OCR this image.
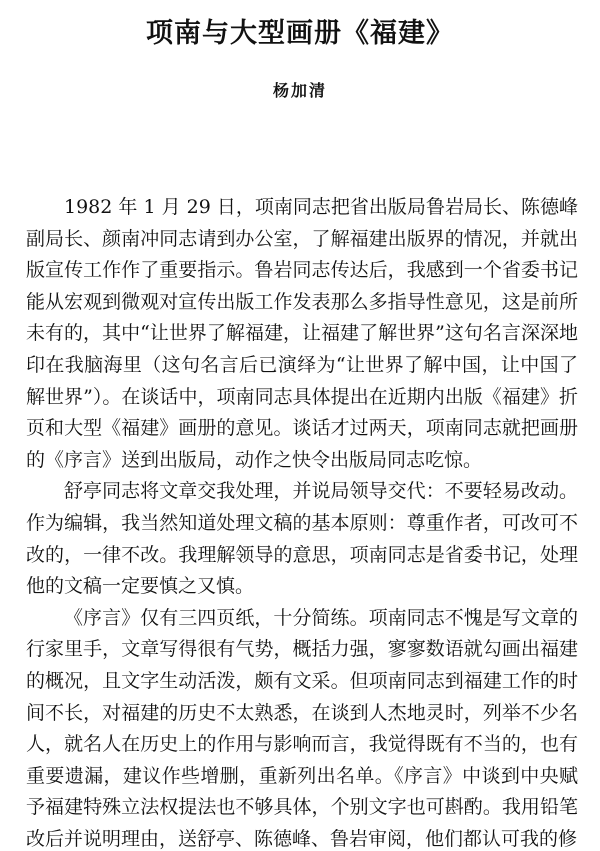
项南与大型画册《福建》
杨加清

1982 年 1 月 29 日，项南同志把省出版局鲁岩局长、陈德峰副局长、颜南冲同志请到办公室，了解福建出版界的情况，并就出版宣传工作作了重要指示。鲁岩同志传达后，我感到一个省委书记能从宏观到微观对宣传出版工作发表那么多指导性意见，这是前所未有的，其中“让世界了解福建，让福建了解世界”这句名言深深地印在我脑海里（这句名言后已演绎为“让世界了解中国，让中国了解世界”）。在谈话中，项南同志具体提出在近期内出版《福建》折页和大型《福建》画册的意见。谈话才过两天，项南同志就把画册的《序言》送到出版局，动作之快令出版局同志吃惊。

舒亭同志将文章交我处理，并说局领导交代：不要轻易改动。作为编辑，我当然知道处理文稿的基本原则：尊重作者，可改可不改的，一律不改。我理解领导的意思，项南同志是省委书记，处理他的文稿一定要慎之又慎。

《序言》仅有三四页纸，十分简练。项南同志不愧是写文章的行家里手，文章写得很有气势，概括力强，寥寥数语就勾画出福建的概况，且文字生动活泼，颇有文采。但项南同志到福建工作的时间不长，对福建的历史不太熟悉，在谈到人杰地灵时，列举不少名人，就名人在历史上的作用与影响而言，我觉得既有不当的，也有重要遗漏，建议作些增删，重新列出名单。《序言》中谈到中央赋予福建特殊立法权提法也不够具体，个别文字也可斟酌。我用铅笔改后并说明理由，送舒亭、陈德峰、鲁岩审阅，他们都认可我的修
